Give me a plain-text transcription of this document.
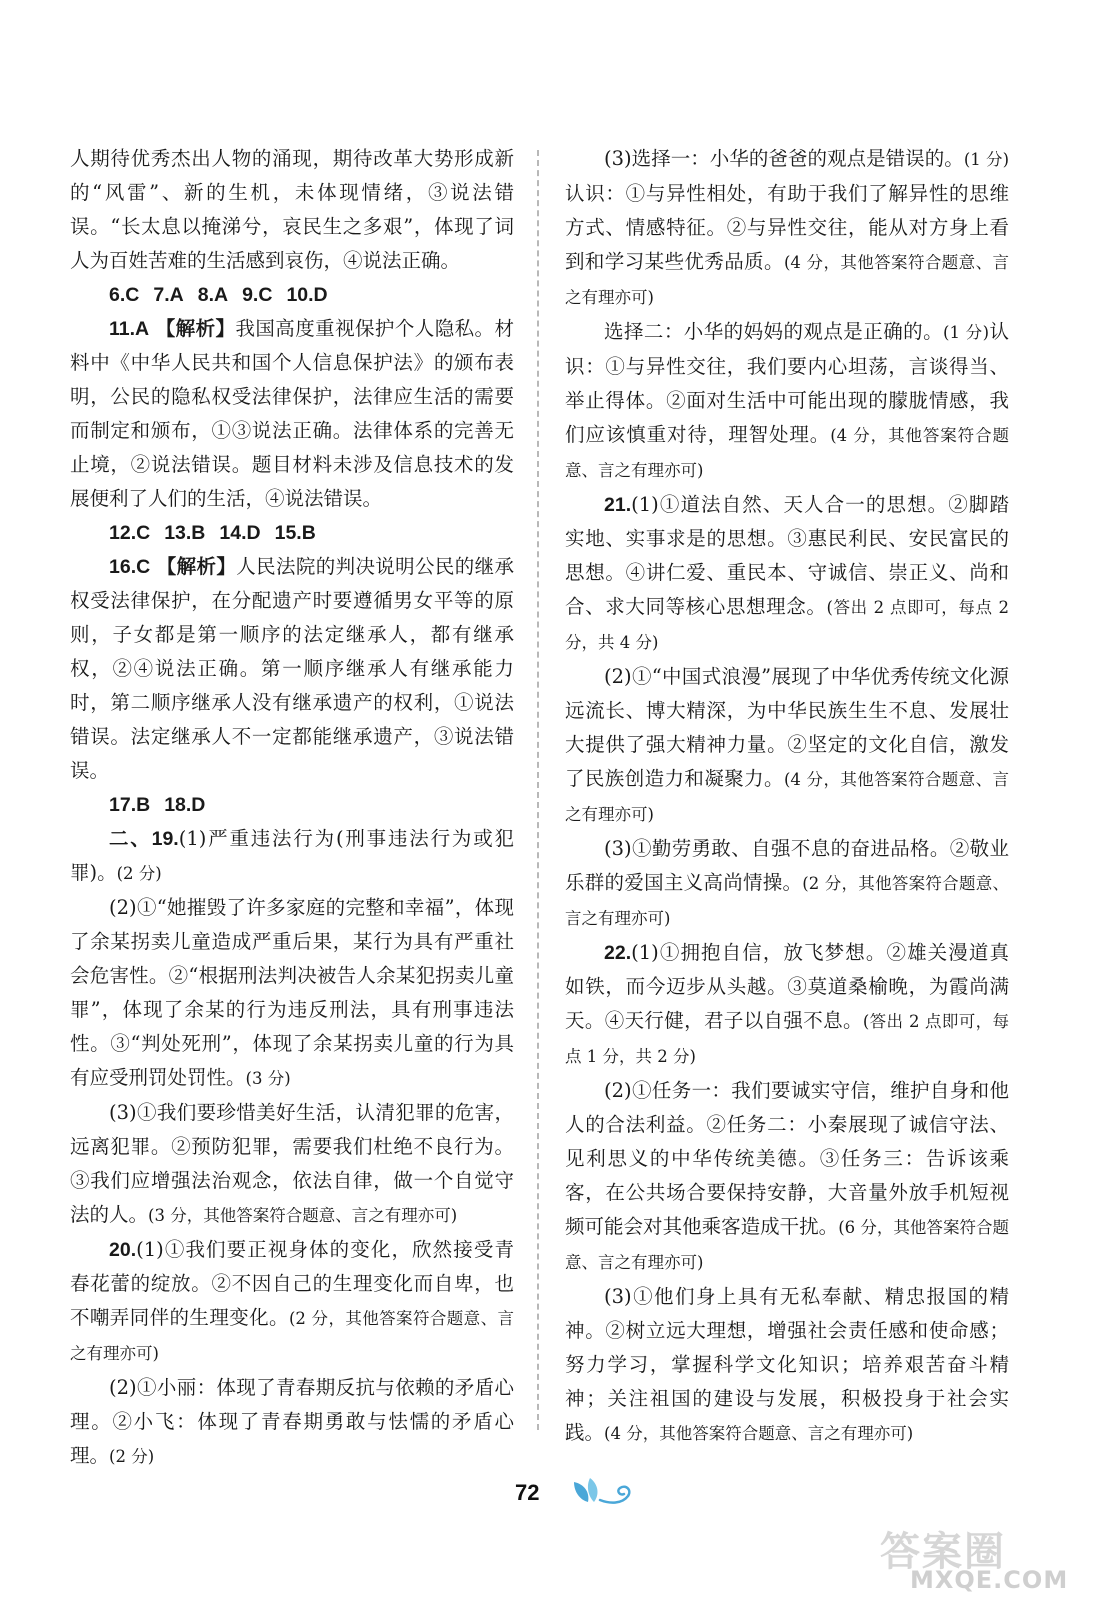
人期待优秀杰出人物的涌现，期待改革大势形成新的“风雷”、新的生机，未体现情绪，③说法错误。“长太息以掩涕兮，哀民生之多艰”，体现了词人为百姓苦难的生活感到哀伤，④说法正确。

6.C 7.A 8.A 9.C 10.D

11.A 【解析】我国高度重视保护个人隐私。材料中《中华人民共和国个人信息保护法》的颁布表明，公民的隐私权受法律保护，法律应生活的需要而制定和颁布，①③说法正确。法律体系的完善无止境，②说法错误。题目材料未涉及信息技术的发展便利了人们的生活，④说法错误。

12.C 13.B 14.D 15.B

16.C 【解析】人民法院的判决说明公民的继承权受法律保护，在分配遗产时要遵循男女平等的原则，子女都是第一顺序的法定继承人，都有继承权，②④说法正确。第一顺序继承人有继承能力时，第二顺序继承人没有继承遗产的权利，①说法错误。法定继承人不一定都能继承遗产，③说法错误。

17.B 18.D

二、19.(1)严重违法行为(刑事违法行为或犯罪)。(2 分)

(2)①“她摧毁了许多家庭的完整和幸福”，体现了余某拐卖儿童造成严重后果，某行为具有严重社会危害性。②“根据刑法判决被告人余某犯拐卖儿童罪”，体现了余某的行为违反刑法，具有刑事违法性。③“判处死刑”，体现了余某拐卖儿童的行为具有应受刑罚处罚性。(3 分)

(3)①我们要珍惜美好生活，认清犯罪的危害，远离犯罪。②预防犯罪，需要我们杜绝不良行为。③我们应增强法治观念，依法自律，做一个自觉守法的人。(3 分，其他答案符合题意、言之有理亦可)

20.(1)①我们要正视身体的变化，欣然接受青春花蕾的绽放。②不因自己的生理变化而自卑，也不嘲弄同伴的生理变化。(2 分，其他答案符合题意、言之有理亦可)

(2)①小丽：体现了青春期反抗与依赖的矛盾心理。②小飞：体现了青春期勇敢与怯懦的矛盾心理。(2 分)

(3)选择一：小华的爸爸的观点是错误的。(1 分)认识：①与异性相处，有助于我们了解异性的思维方式、情感特征。②与异性交往，能从对方身上看到和学习某些优秀品质。(4 分，其他答案符合题意、言之有理亦可)

选择二：小华的妈妈的观点是正确的。(1 分)认识：①与异性交往，我们要内心坦荡，言谈得当、举止得体。②面对生活中可能出现的朦胧情感，我们应该慎重对待，理智处理。(4 分，其他答案符合题意、言之有理亦可)

21.(1)①道法自然、天人合一的思想。②脚踏实地、实事求是的思想。③惠民利民、安民富民的思想。④讲仁爱、重民本、守诚信、崇正义、尚和合、求大同等核心思想理念。(答出 2 点即可，每点 2 分，共 4 分)

(2)①“中国式浪漫”展现了中华优秀传统文化源远流长、博大精深，为中华民族生生不息、发展壮大提供了强大精神力量。②坚定的文化自信，激发了民族创造力和凝聚力。(4 分，其他答案符合题意、言之有理亦可)

(3)①勤劳勇敢、自强不息的奋进品格。②敬业乐群的爱国主义高尚情操。(2 分，其他答案符合题意、言之有理亦可)

22.(1)①拥抱自信，放飞梦想。②雄关漫道真如铁，而今迈步从头越。③莫道桑榆晚，为霞尚满天。④天行健，君子以自强不息。(答出 2 点即可，每点 1 分，共 2 分)

(2)①任务一：我们要诚实守信，维护自身和他人的合法利益。②任务二：小秦展现了诚信守法、见利思义的中华传统美德。③任务三：告诉该乘客，在公共场合要保持安静，大音量外放手机短视频可能会对其他乘客造成干扰。(6 分，其他答案符合题意、言之有理亦可)

(3)①他们身上具有无私奉献、精忠报国的精神。②树立远大理想，增强社会责任感和使命感；努力学习，掌握科学文化知识；培养艰苦奋斗精神；关注祖国的建设与发展，积极投身于社会实践。(4 分，其他答案符合题意、言之有理亦可)

72
答案圈
MXQE.COM
